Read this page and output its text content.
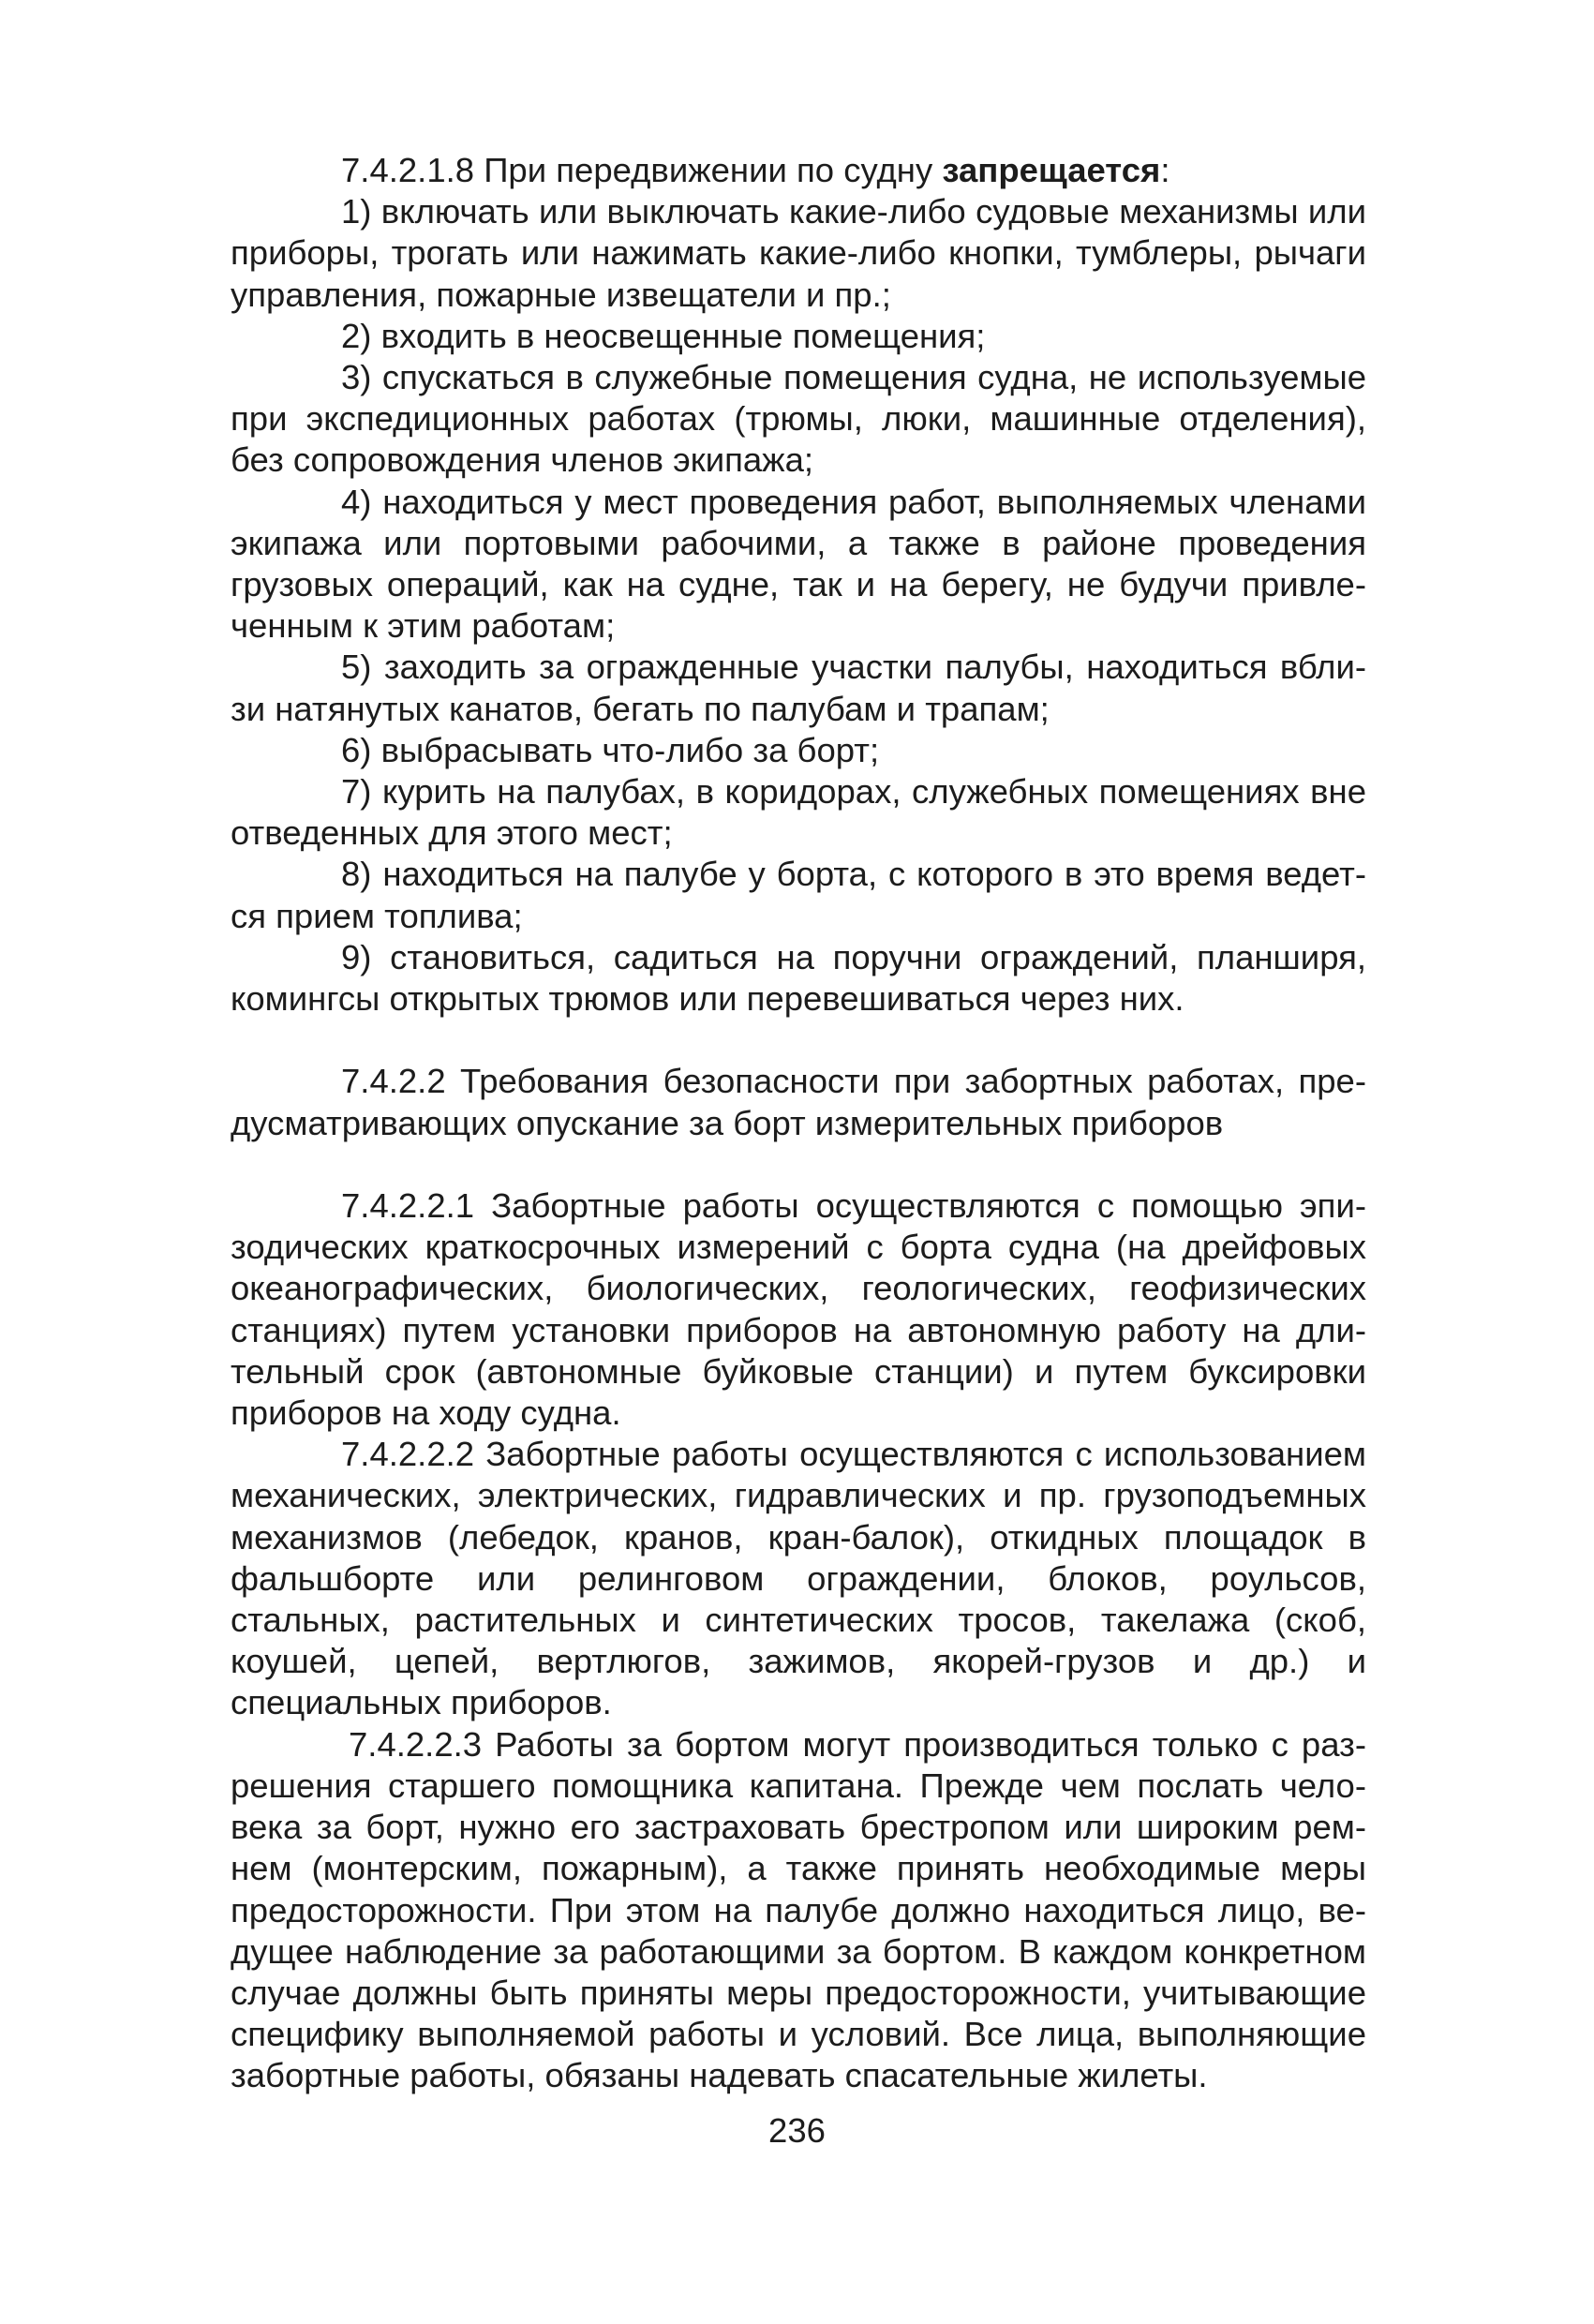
7.4.2.1.8 При передвижении по судну запрещается:

1) включать или выключать какие-либо судовые механизмы или приборы, трогать или нажимать какие-либо кнопки, тумблеры, рычаги управления, пожарные извещатели и пр.;

2) входить в неосвещенные помещения;

3) спускаться в служебные помещения судна, не используемые при экспедиционных работах (трюмы, люки, машинные отделения), без сопровождения членов экипажа;

4) находиться у мест проведения работ, выполняемых членами экипажа или портовыми рабочими, а также в районе проведения грузовых операций, как на судне, так и на берегу, не будучи привлеченным к этим работам;

5) заходить за огражденные участки палубы, находиться вблизи натянутых канатов, бегать по палубам и трапам;

6) выбрасывать что-либо за борт;

7) курить на палубах, в коридорах, служебных помещениях вне отведенных для этого мест;

8) находиться на палубе у борта, с которого в это время ведется прием топлива;

9) становиться, садиться на поручни ограждений, планширя, комингсы открытых трюмов или перевешиваться через них.

7.4.2.2 Требования безопасности при забортных работах, предусматривающих опускание за борт измерительных приборов

7.4.2.2.1 Забортные работы осуществляются с помощью эпизодических краткосрочных измерений с борта судна (на дрейфовых океанографических, биологических, геологических, геофизических станциях) путем установки приборов на автономную работу на длительный срок (автономные буйковые станции) и путем буксировки приборов на ходу судна.

7.4.2.2.2 Забортные работы осуществляются с использованием механических, электрических, гидравлических и пр. грузоподъемных механизмов (лебедок, кранов, кран-балок), откидных площадок в фальшборте или релинговом ограждении, блоков, роульсов, стальных, растительных и синтетических тросов, такелажа (скоб, коушей, цепей, вертлюгов, зажимов, якорей-грузов и др.) и специальных приборов.

7.4.2.2.3 Работы за бортом могут производиться только с разрешения старшего помощника капитана. Прежде чем послать человека за борт, нужно его застраховать брестропом или широким ремнем (монтерским, пожарным), а также принять необходимые меры предосторожности. При этом на палубе должно находиться лицо, ведущее наблюдение за работающими за бортом. В каждом конкретном случае должны быть приняты меры предосторожности, учитывающие специфику выполняемой работы и условий. Все лица, выполняющие забортные работы, обязаны надевать спасательные жилеты.

236
